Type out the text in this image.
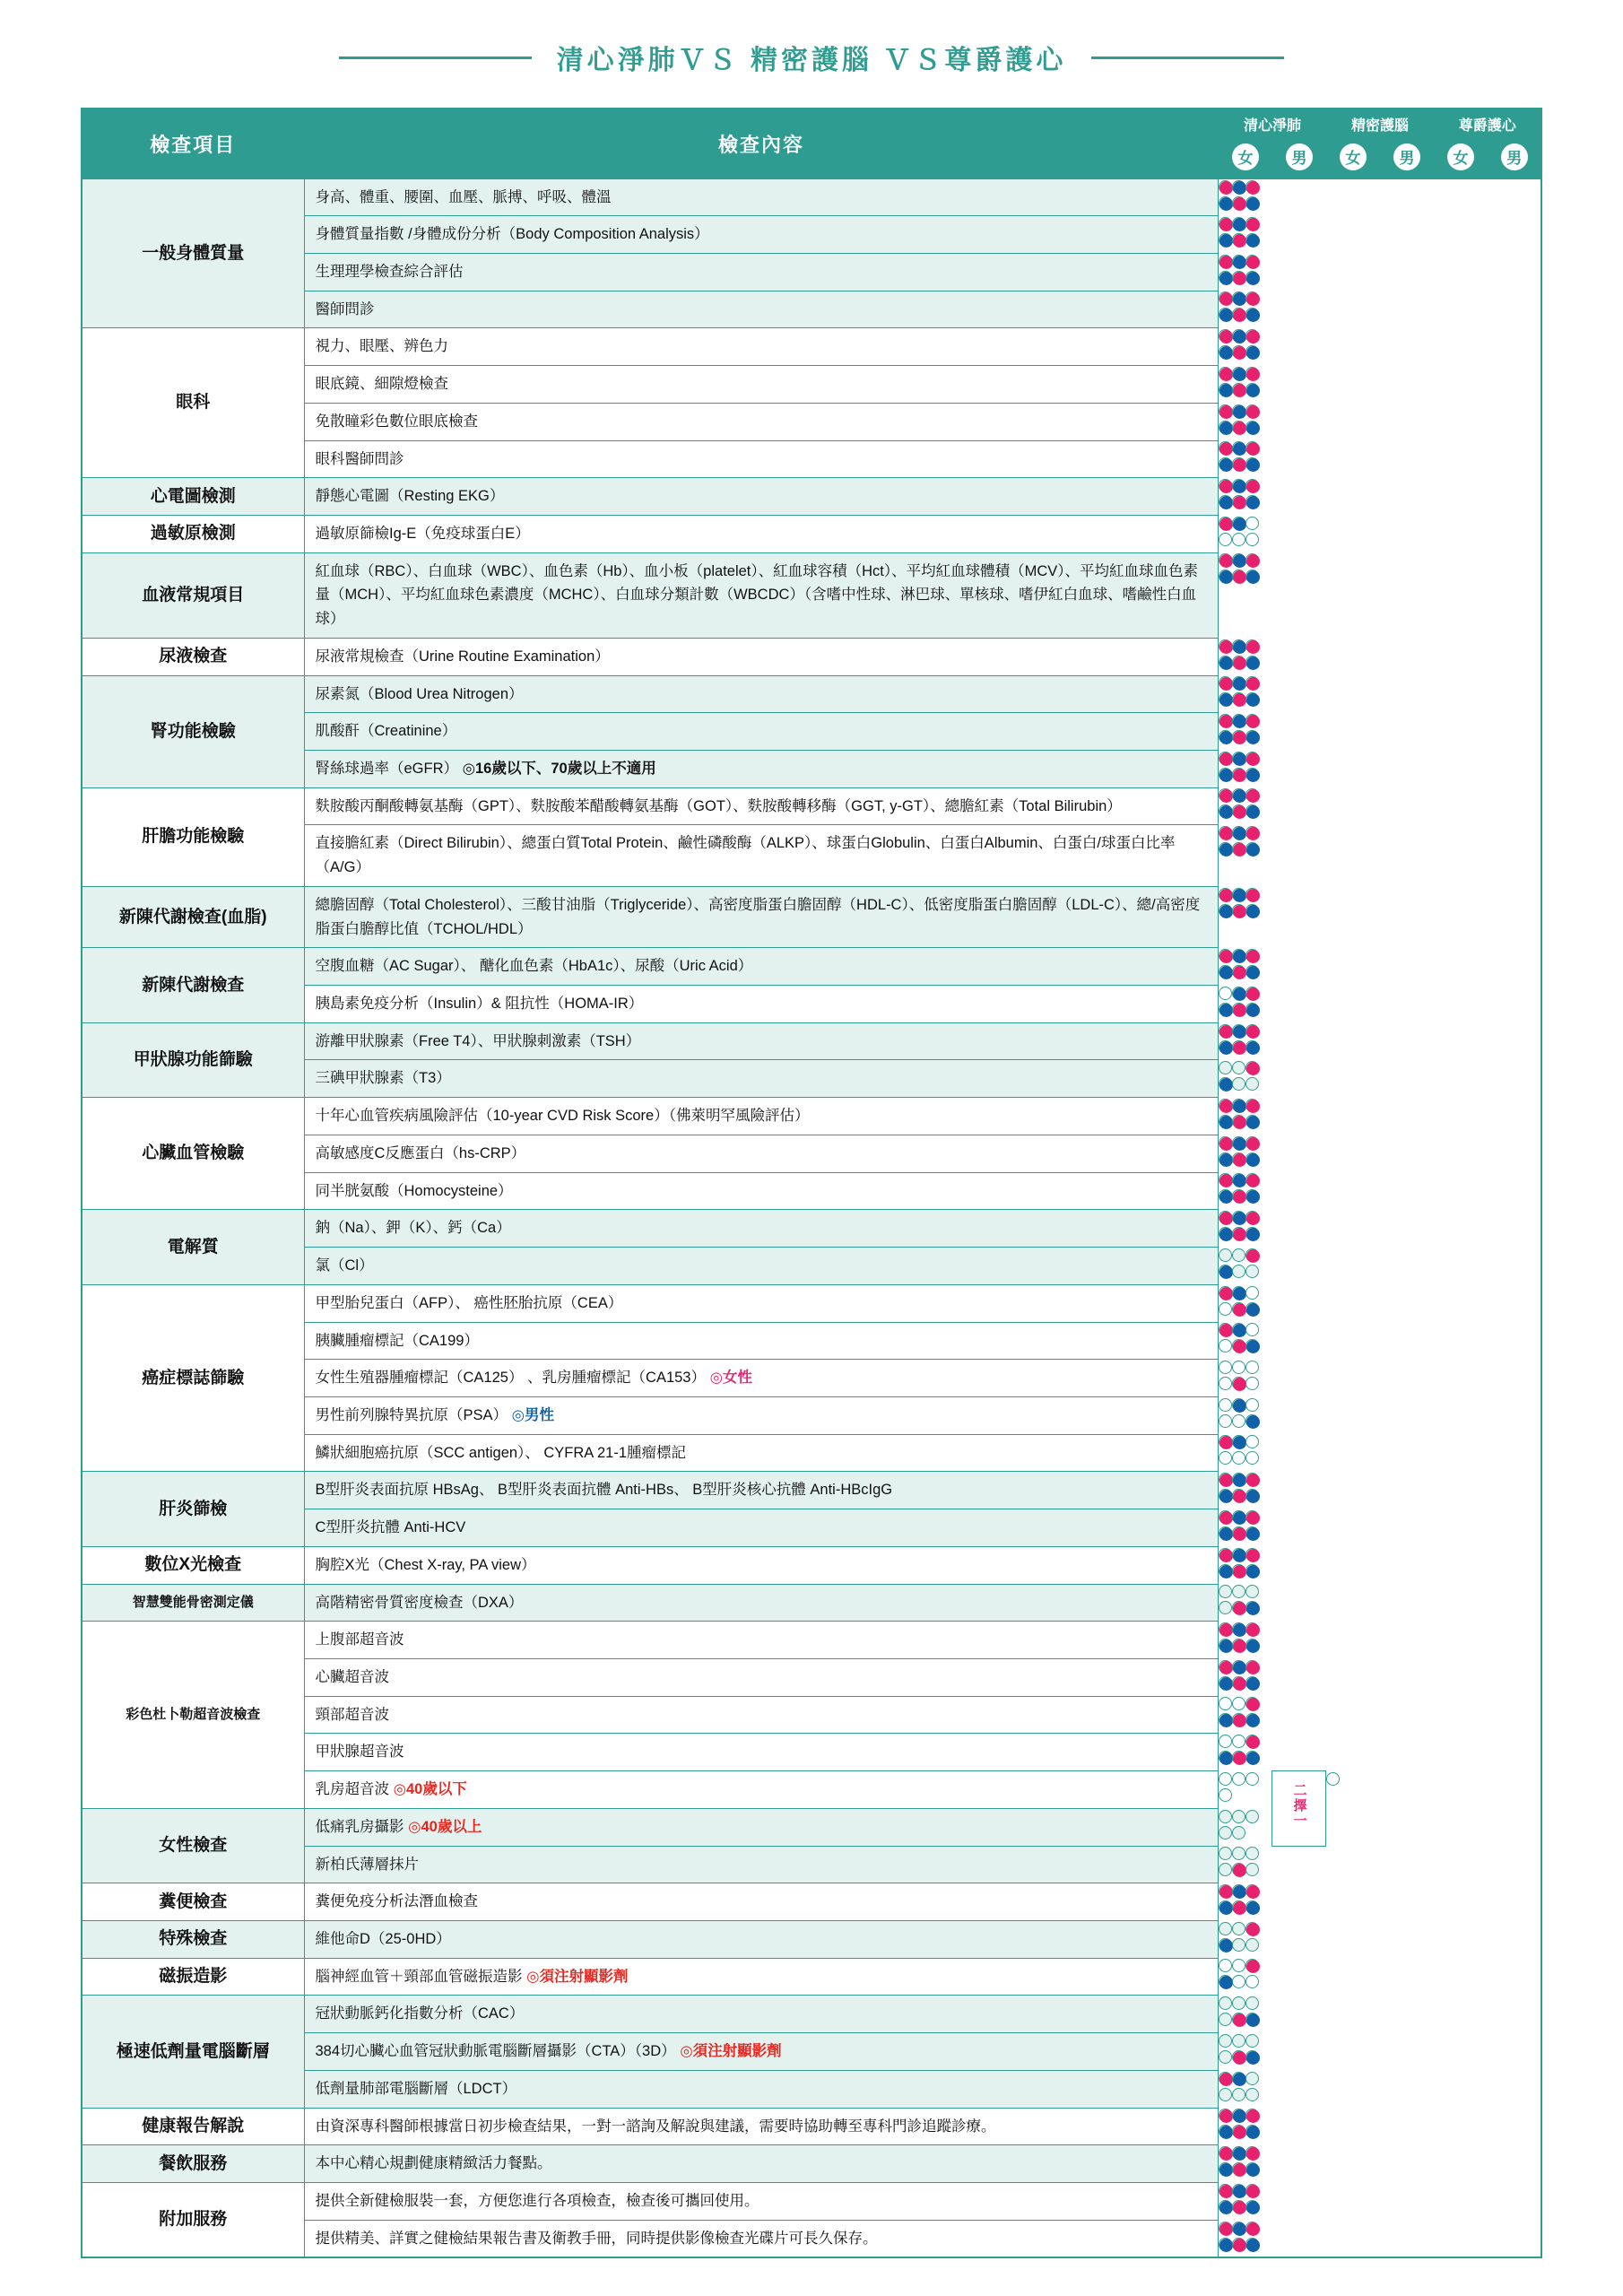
清心淨肺ＶＳ 精密護腦 ＶＳ尊爵護心
檢查項目	檢查內容	清心淨肺		精密護腦		尊爵護心	
		女	男	女	男	女	男
一般身體質量	身高、體重、腰圍、血壓、脈搏、呼吸、體溫	
	身體質量指數 /身體成份分析（Body Composition Analysis）	
	生理理學檢查綜合評估	
	醫師問診	
眼科	視力、眼壓、辨色力	
	眼底鏡、細隙燈檢查	
	免散瞳彩色數位眼底檢查	
	眼科醫師問診	
心電圖檢測	靜態心電圖（Resting EKG）	
過敏原檢測	過敏原篩檢Ig-E（免疫球蛋白E）	
血液常規項目	紅血球（RBC）、白血球（WBC）、血色素（Hb）、血小板（platelet）、紅血球容積（Hct）、平均紅血球體積（MCV）、平均紅血球血色素量（MCH）、平均紅血球色素濃度（MCHC）、白血球分類計數（WBCDC）（含嗜中性球、淋巴球、單核球、嗜伊紅白血球、嗜鹼性白血球）	
尿液檢查	尿液常規檢查（Urine Routine Examination）	
腎功能檢驗	尿素氮（Blood Urea Nitrogen）	
	肌酸酐（Creatinine）	
	腎絲球過率（eGFR） ◎16歲以下、70歲以上不適用	
肝膽功能檢驗	麩胺酸丙酮酸轉氨基酶（GPT）、麩胺酸苯醋酸轉氨基酶（GOT）、麩胺酸轉移酶（GGT, y-GT）、總膽紅素（Total Bilirubin）	
	直接膽紅素（Direct Bilirubin）、總蛋白質Total Protein、鹼性磷酸酶（ALKP）、球蛋白Globulin、白蛋白Albumin、白蛋白/球蛋白比率（A/G）	
新陳代謝檢查(血脂)	總膽固醇（Total Cholesterol）、三酸甘油脂（Triglyceride）、高密度脂蛋白膽固醇（HDL-C）、低密度脂蛋白膽固醇（LDL-C）、總/高密度脂蛋白膽醇比值（TCHOL/HDL）	
新陳代謝檢查	空腹血糖（AC Sugar）、 醣化血色素（HbA1c）、尿酸（Uric Acid）	
	胰島素免疫分析（Insulin）& 阻抗性（HOMA-IR）	
甲狀腺功能篩驗	游離甲狀腺素（Free T4）、甲狀腺刺激素（TSH）	
	三碘甲狀腺素（T3）	
心臟血管檢驗	十年心血管疾病風險評估（10-year CVD Risk Score）（佛萊明罕風險評估）	
	高敏感度C反應蛋白（hs-CRP）	
	同半胱氨酸（Homocysteine）	
電解質	鈉（Na）、鉀（K）、鈣（Ca）	
	氯（Cl）	
癌症標誌篩驗	甲型胎兒蛋白（AFP）、 癌性胚胎抗原（CEA）	
	胰臟腫瘤標記（CA199）	
	女性生殖器腫瘤標記（CA125） 、乳房腫瘤標記（CA153） ◎女性	
	男性前列腺特異抗原（PSA） ◎男性	
	鱗狀細胞癌抗原（SCC antigen）、 CYFRA 21-1腫瘤標記	
肝炎篩檢	B型肝炎表面抗原 HBsAg、 B型肝炎表面抗體 Anti-HBs、 B型肝炎核心抗體 Anti-HBcIgG	
	C型肝炎抗體 Anti-HCV	
數位X光檢查	胸腔X光（Chest X-ray, PA view）	
智慧雙能骨密測定儀	高階精密骨質密度檢查（DXA）	
彩色杜卜勒超音波檢查	上腹部超音波	
	心臟超音波	
	頸部超音波	
	甲狀腺超音波	
	乳房超音波 ◎40歲以下	二擇一				
女性檢查	低痛乳房攝影 ◎40歲以上		
	新柏氏薄層抹片	
糞便檢查	糞便免疫分析法潛血檢查	
特殊檢查	維他命D（25-0HD）	
磁振造影	腦神經血管＋頸部血管磁振造影 ◎須注射顯影劑	
極速低劑量電腦斷層	冠狀動脈鈣化指數分析（CAC）	
	384切心臟心血管冠狀動脈電腦斷層攝影（CTA）（3D） ◎須注射顯影劑	
	低劑量肺部電腦斷層（LDCT）	
健康報告解說	由資深專科醫師根據當日初步檢查結果，一對一諮詢及解說與建議，需要時協助轉至專科門診追蹤診療。	
餐飲服務	本中心精心規劃健康精緻活力餐點。	
附加服務	提供全新健檢服裝一套，方便您進行各項檢查，檢查後可攜回使用。	
	提供精美、詳實之健檢結果報告書及衛教手冊，同時提供影像檢查光碟片可長久保存。	
